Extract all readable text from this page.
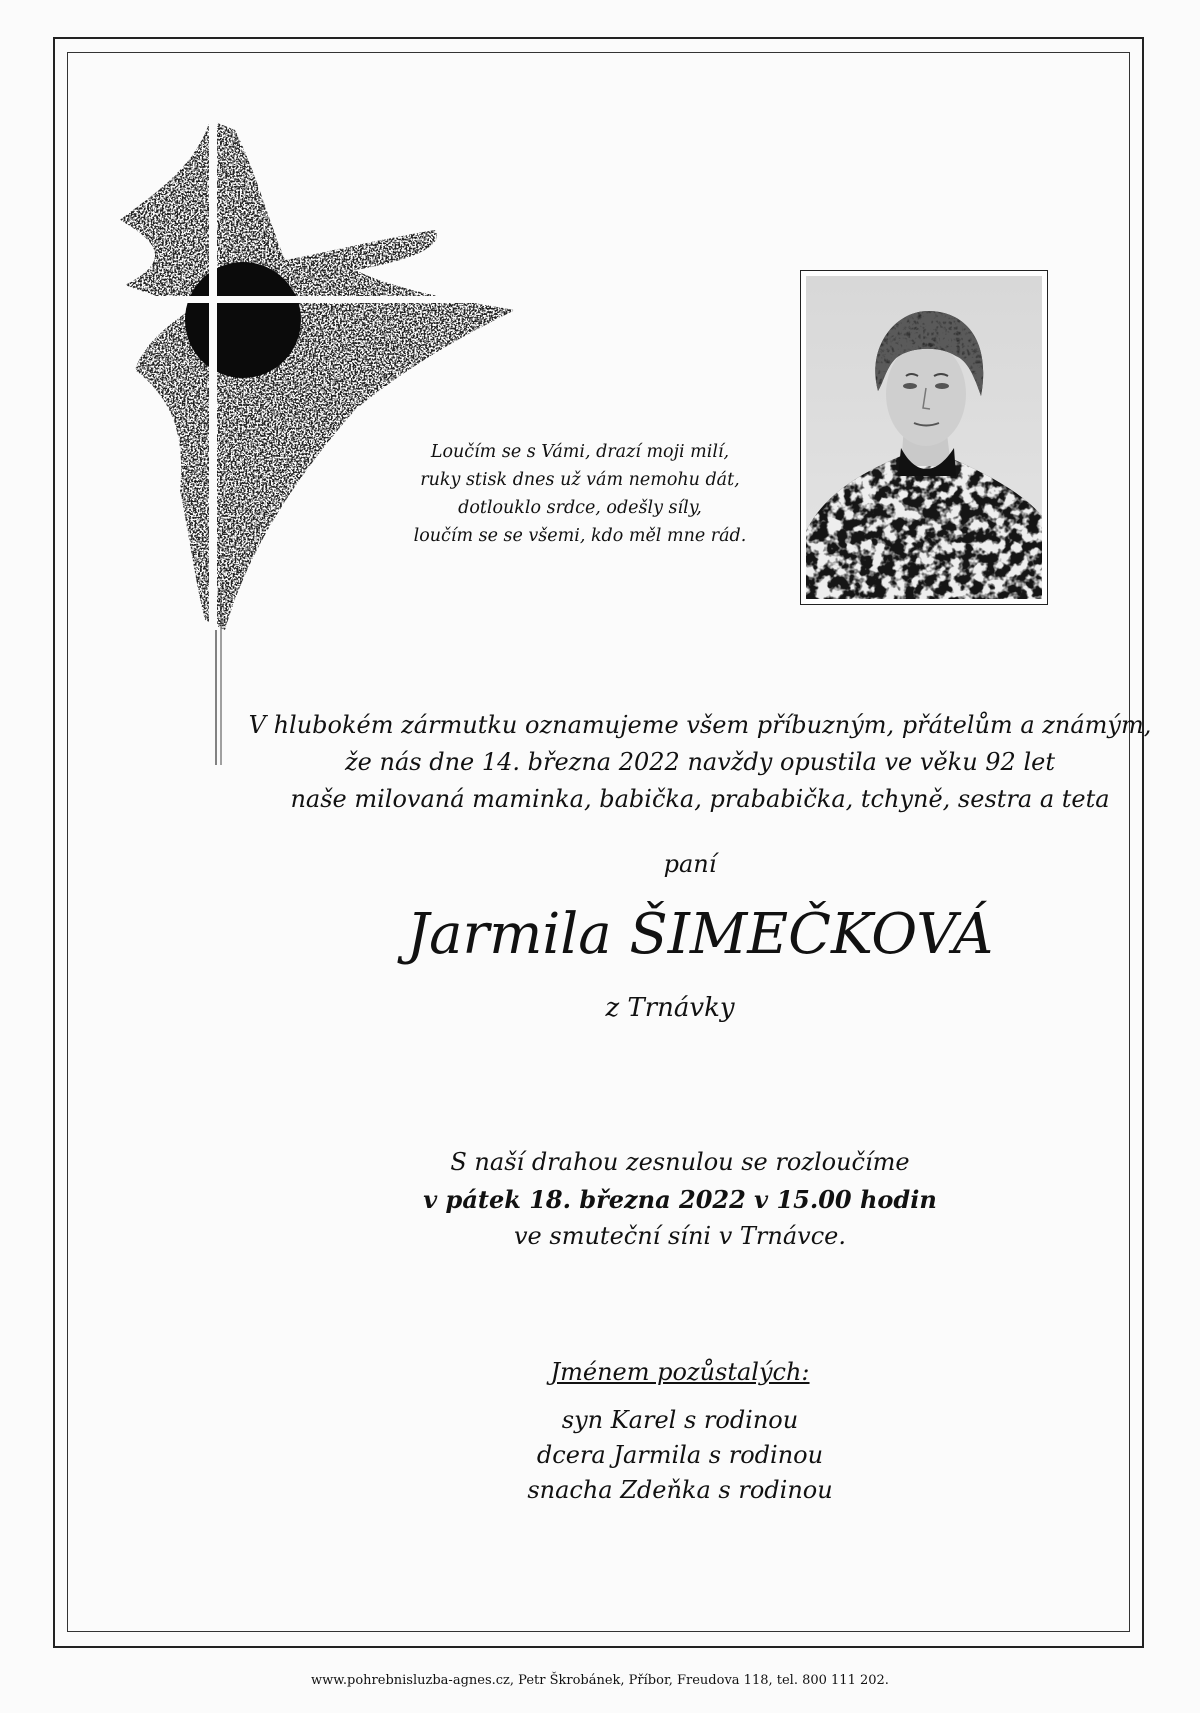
Loučím se s Vámi, drazí moji milí,
ruky stisk dnes už vám nemohu dát,
dotlouklo srdce, odešly síly,
loučím se se všemi, kdo měl mne rád.
V hlubokém zármutku oznamujeme všem příbuzným, přátelům a známým,
že nás dne 14. března 2022 navždy opustila ve věku 92 let
naše milovaná maminka, babička, prababička, tchyně, sestra a teta
paní
Jarmila ŠIMEČKOVÁ
z Trnávky
S naší drahou zesnulou se rozloučíme
v pátek 18. března 2022 v 15.00 hodin
ve smuteční síni v Trnávce.
Jménem pozůstalých:
syn Karel s rodinou
dcera Jarmila s rodinou
snacha Zdeňka s rodinou
www.pohrebnisluzba-agnes.cz, Petr Škrobánek, Příbor, Freudova 118, tel. 800 111 202.
